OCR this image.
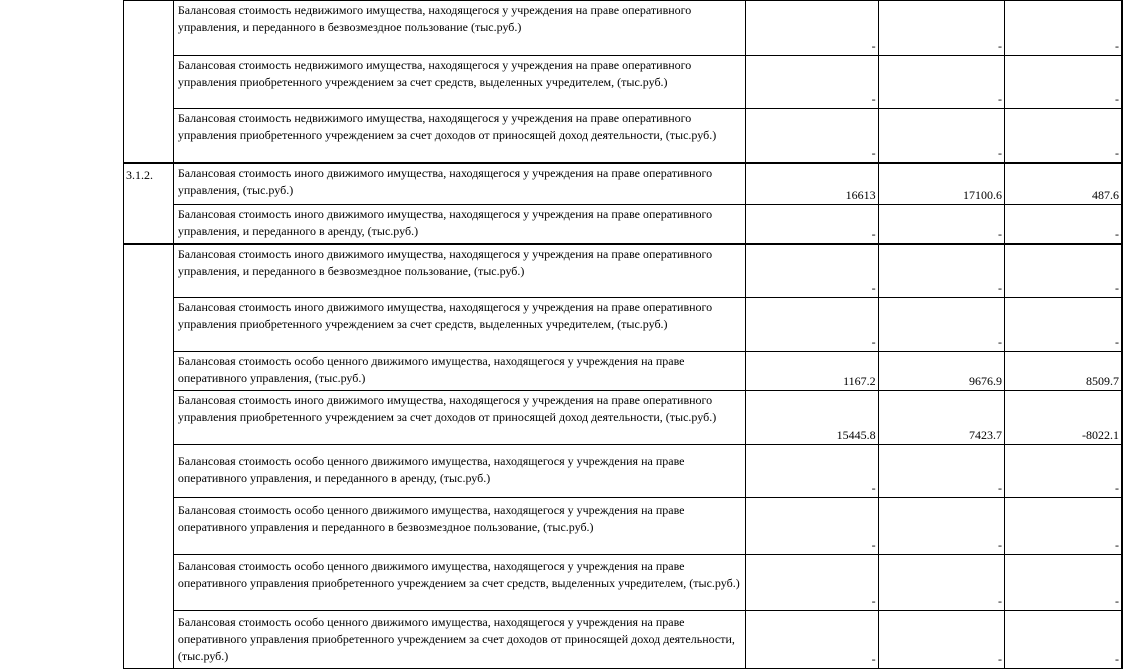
	Балансовая стоимость недвижимого имущества, находящегося у учреждения на праве оперативного управления, и переданного в безвозмездное пользование (тыс.руб.)	-	-	-

	Балансовая стоимость недвижимого имущества, находящегося у учреждения на праве оперативного управления приобретенного учреждением за счет средств, выделенных учредителем, (тыс.руб.)	-	-	-

	Балансовая стоимость недвижимого имущества, находящегося у учреждения на праве оперативного управления приобретенного учреждением за счет доходов от приносящей доход деятельности, (тыс.руб.)	-	-	-
3.1.2.	Балансовая стоимость иного движимого имущества, находящегося у учреждения на праве оперативного управления, (тыс.руб.)	16613	17100.6	487.6

	Балансовая стоимость иного движимого имущества, находящегося у учреждения на праве оперативного управления, и переданного в аренду, (тыс.руб.)	-	-	-

	Балансовая стоимость иного движимого имущества, находящегося у учреждения на праве оперативного управления, и переданного в безвозмездное пользование, (тыс.руб.)	-	-	-

	Балансовая стоимость иного движимого имущества, находящегося у учреждения на праве оперативного управления приобретенного учреждением за счет средств, выделенных учредителем, (тыс.руб.)	-	-	-

	Балансовая стоимость особо ценного движимого имущества, находящегося у учреждения на праве оперативного управления, (тыс.руб.)	1167.2	9676.9	8509.7

	Балансовая стоимость иного движимого имущества, находящегося у учреждения на праве оперативного управления приобретенного учреждением за счет доходов от приносящей доход деятельности, (тыс.руб.)	15445.8	7423.7	-8022.1

	Балансовая стоимость особо ценного движимого имущества, находящегося у учреждения на праве оперативного управления, и переданного в аренду, (тыс.руб.)	-	-	-

	Балансовая стоимость особо ценного движимого имущества, находящегося у учреждения на праве оперативного управления и переданного в безвозмездное пользование, (тыс.руб.)	-	-	-

	Балансовая стоимость особо ценного движимого имущества, находящегося у учреждения на праве оперативного управления приобретенного учреждением за счет средств, выделенных учредителем, (тыс.руб.)	-	-	-

	Балансовая стоимость особо ценного движимого имущества, находящегося у учреждения на праве оперативного управления приобретенного учреждением за счет доходов от приносящей доход деятельности, (тыс.руб.)	-	-	-
